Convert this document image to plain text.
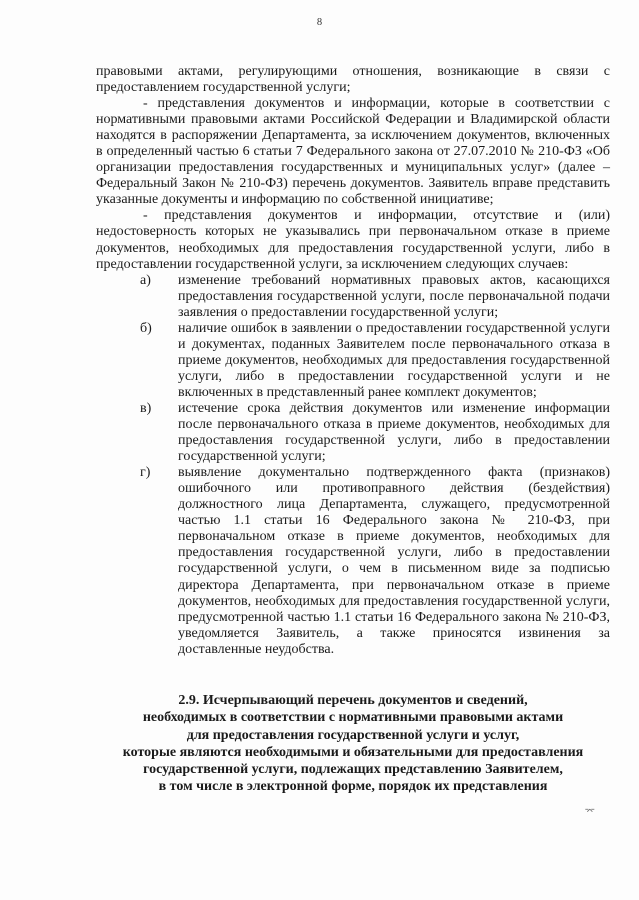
8

правовыми актами, регулирующими отношения, возникающие в связи с предоставлением государственной услуги;

- представления документов и информации, которые в соответствии с нормативными правовыми актами Российской Федерации и Владимирской области находятся в распоряжении Департамента, за исключением документов, включенных в определенный частью 6 статьи 7 Федерального закона от 27.07.2010 № 210-ФЗ «Об организации предоставления государственных и муниципальных услуг» (далее – Федеральный Закон № 210-ФЗ) перечень документов. Заявитель вправе представить указанные документы и информацию по собственной инициативе;

- представления документов и информации, отсутствие и (или) недостоверность которых не указывались при первоначальном отказе в приеме документов, необходимых для предоставления государственной услуги, либо в предоставлении государственной услуги, за исключением следующих случаев:

а)	изменение требований нормативных правовых актов, касающихся предоставления государственной услуги, после первоначальной подачи заявления о предоставлении государственной услуги;
б)	наличие ошибок в заявлении о предоставлении государственной услуги и документах, поданных Заявителем после первоначального отказа в приеме документов, необходимых для предоставления государственной услуги, либо в предоставлении государственной услуги и не включенных в представленный ранее комплект документов;
в)	истечение срока действия документов или изменение информации после первоначального отказа в приеме документов, необходимых для предоставления государственной услуги, либо в предоставлении государственной услуги;
г)	выявление документально подтвержденного факта (признаков) ошибочного или противоправного действия (бездействия) должностного лица Департамента, служащего, предусмотренной частью 1.1 статьи 16 Федерального закона № 210-ФЗ, при первоначальном отказе в приеме документов, необходимых для предоставления государственной услуги, либо в предоставлении государственной услуги, о чем в письменном виде за подписью директора Департамента, при первоначальном отказе в приеме документов, необходимых для предоставления государственной услуги, предусмотренной частью 1.1 статьи 16 Федерального закона № 210-ФЗ, уведомляется Заявитель, а также приносятся извинения за доставленные неудобства.
2.9. Исчерпывающий перечень документов и сведений,
необходимых в соответствии с нормативными правовыми актами
для предоставления государственной услуги и услуг,
которые являются необходимыми и обязательными для предоставления
государственной услуги, подлежащих представлению Заявителем,
в том числе в электронной форме, порядок их представления
⌤
